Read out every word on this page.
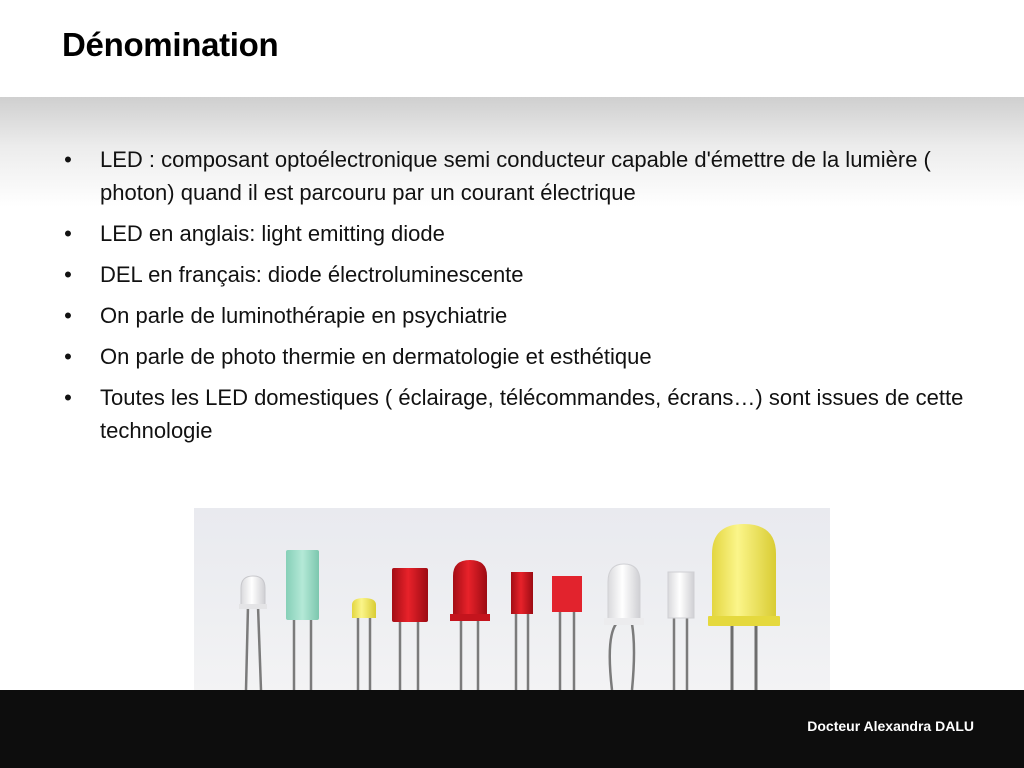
Dénomination
• LED : composant optoélectronique semi conducteur capable d'émettre de la lumière ( photon) quand il est parcouru par un courant électrique
• LED en anglais: light emitting diode
• DEL en français: diode électroluminescente
• On parle de luminothérapie en psychiatrie
• On parle de photo thermie en dermatologie et esthétique
• Toutes les LED domestiques ( éclairage, télécommandes, écrans…) sont issues de cette technologie
Docteur Alexandra DALU
